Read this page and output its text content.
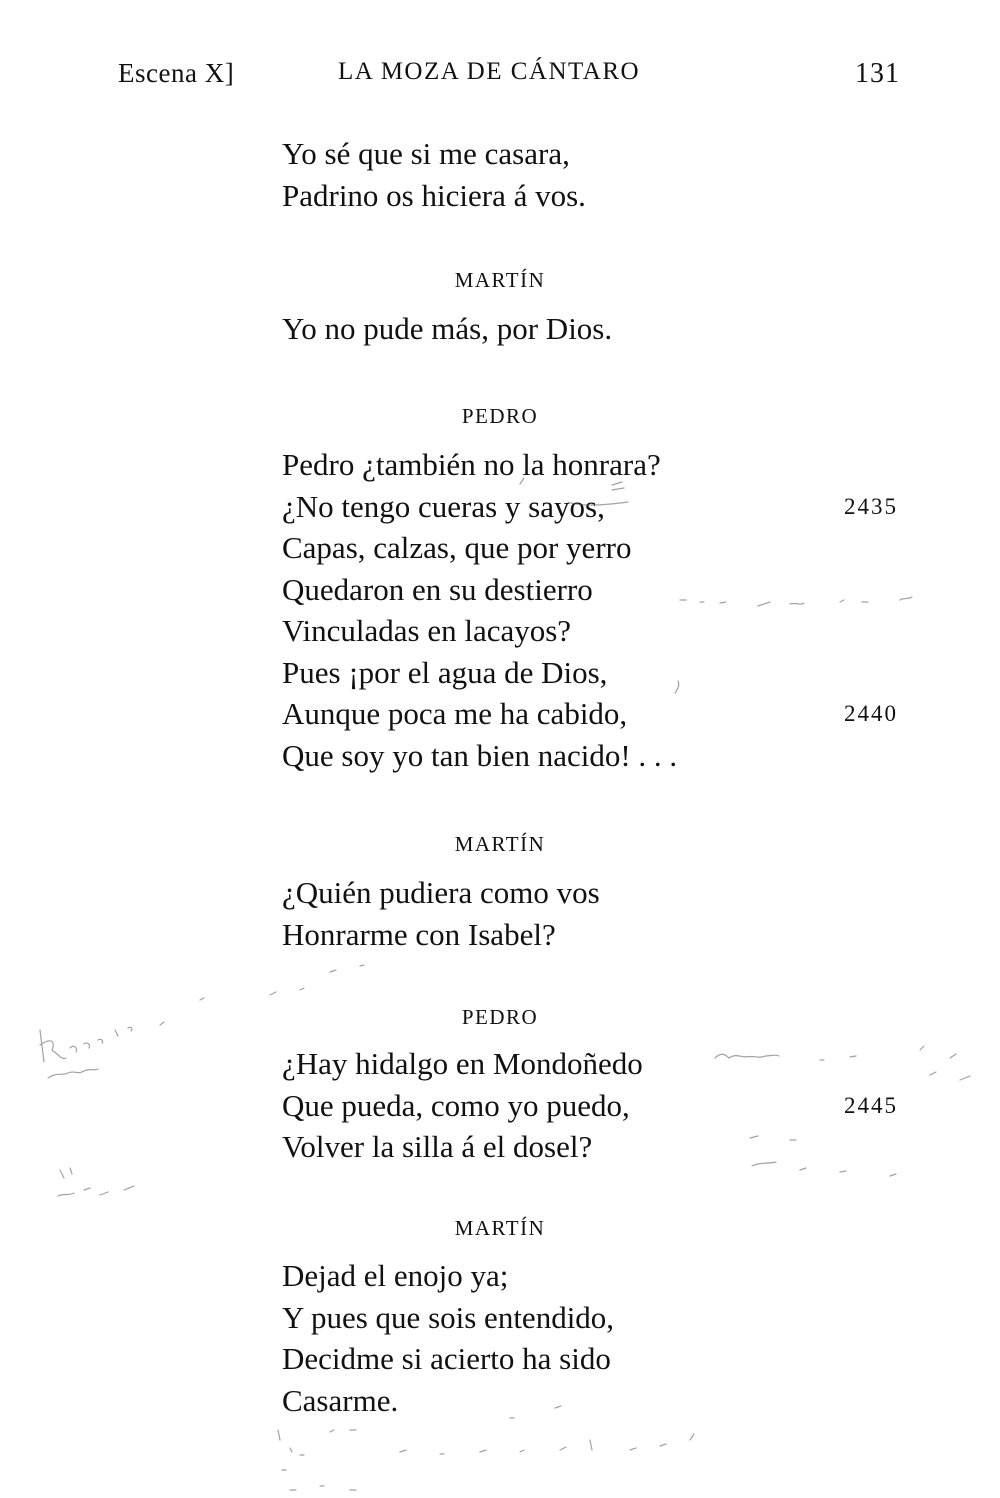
Escena X]	LA MOZA DE CÁNTARO	131
Yo sé que si me casara,
Padrino os hiciera á vos.
MARTÍN
Yo no pude más, por Dios.
PEDRO
Pedro ¿también no la honrara?
¿No tengo cueras y sayos,	2435
Capas, calzas, que por yerro
Quedaron en su destierro
Vinculadas en lacayos?
Pues ¡por el agua de Dios,
Aunque poca me ha cabido,	2440
Que soy yo tan bien nacido! . . .
MARTÍN
¿Quién pudiera como vos
Honrarme con Isabel?
PEDRO
¿Hay hidalgo en Mondoñedo
Que pueda, como yo puedo,	2445
Volver la silla á el dosel?
MARTÍN
Dejad el enojo ya;
Y pues que sois entendido,
Decidme si acierto ha sido
Casarme.
